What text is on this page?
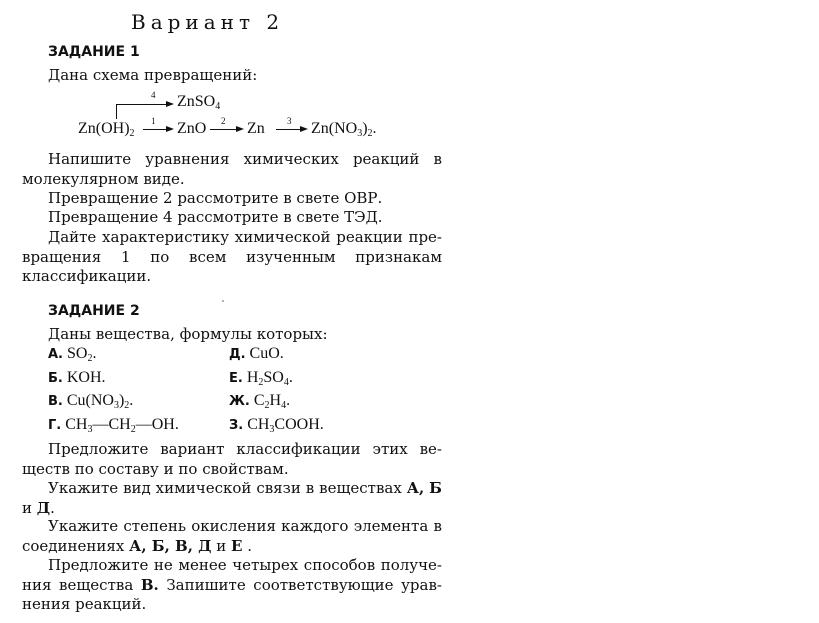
Вариант 2
ЗАДАНИЕ 1
Дана схема превращений:
4 ZnSO$_4$
$Zn(OH)_2$
1 ZnO 2 Zn 3 $Zn(NO_3)_2$.
Напишите уравнения химических реакций в молекулярном виде.
Превращение 2 рассмотрите в свете ОВР.
Превращение 4 рассмотрите в свете ТЭД.
Дайте характеристику химической реакции превращения 1 по всем изученным признакам классификации.
ЗАДАНИЕ 2
Даны вещества, формулы которых:
А. $SO_2$.
Б. KOH.
В. $Cu(NO_3)_2$.
Г. $CH_3—CH_2—OH$.
Д. CuO.
Е. $H_2SO_4$.
Ж. $C_2H_4$.
З. $CH_3COOH$.
Предложите вариант классификации этих веществ по составу и по свойствам.
Укажите вид химической связи в веществах А, Б и Д.
Укажите степень окисления каждого элемента в соединениях А, Б, В, Д и Е .
Предложите не менее четырех способов получения вещества В. Запишите соответствующие уравнения реакций.
